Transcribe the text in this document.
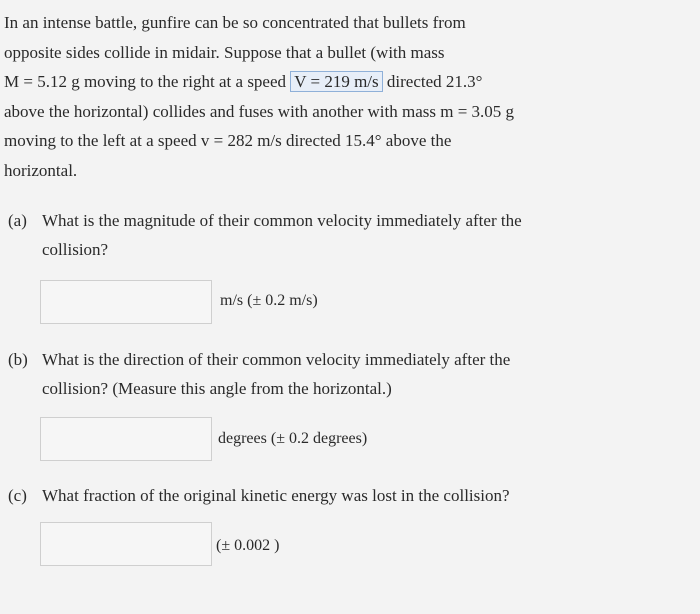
In an intense battle, gunfire can be so concentrated that bullets from
opposite sides collide in midair. Suppose that a bullet (with mass
M = 5.12 g moving to the right at a speed V = 219 m/s directed 21.3°
above the horizontal) collides and fuses with another with mass m = 3.05 g
moving to the left at a speed v = 282 m/s directed 15.4° above the
horizontal.
(a) What is the magnitude of their common velocity immediately after the
collision?
m/s (± 0.2 m/s)
(b) What is the direction of their common velocity immediately after the
collision? (Measure this angle from the horizontal.)
degrees (± 0.2 degrees)
(c) What fraction of the original kinetic energy was lost in the collision?
(± 0.002 )
